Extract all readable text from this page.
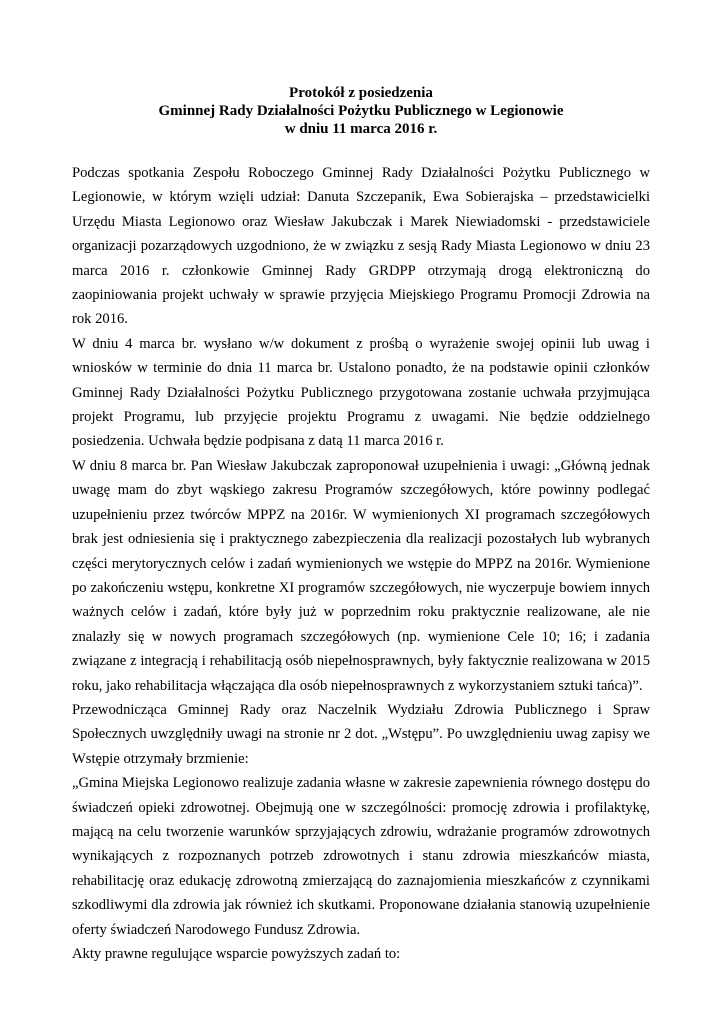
Protokół z posiedzenia
Gminnej Rady Działalności Pożytku Publicznego w Legionowie
w dniu 11 marca 2016 r.

Podczas spotkania Zespołu Roboczego Gminnej Rady Działalności Pożytku Publicznego w Legionowie, w którym wzięli udział: Danuta Szczepanik, Ewa Sobierajska – przedstawicielki Urzędu Miasta Legionowo oraz Wiesław Jakubczak i Marek Niewiadomski - przedstawiciele organizacji pozarządowych uzgodniono, że w związku z sesją Rady Miasta Legionowo w dniu 23 marca 2016 r. członkowie Gminnej Rady GRDPP otrzymają drogą elektroniczną do zaopiniowania projekt uchwały w sprawie przyjęcia Miejskiego Programu Promocji Zdrowia na rok 2016.

W dniu 4 marca br. wysłano w/w dokument z prośbą o wyrażenie swojej opinii lub uwag i wniosków w terminie do dnia 11 marca br. Ustalono ponadto, że na podstawie opinii członków Gminnej Rady Działalności Pożytku Publicznego przygotowana zostanie uchwała przyjmująca projekt Programu, lub przyjęcie projektu Programu z uwagami. Nie będzie oddzielnego posiedzenia. Uchwała będzie podpisana z datą 11 marca 2016 r.

W dniu 8 marca br. Pan Wiesław Jakubczak zaproponował uzupełnienia i uwagi: „Główną jednak uwagę mam do zbyt wąskiego zakresu Programów szczegółowych, które powinny podlegać uzupełnieniu przez twórców MPPZ na 2016r. W wymienionych XI programach szczegółowych brak jest odniesienia się i praktycznego zabezpieczenia dla realizacji pozostałych lub wybranych części merytorycznych celów i zadań wymienionych we wstępie do MPPZ na 2016r. Wymienione po zakończeniu wstępu, konkretne XI programów szczegółowych, nie wyczerpuje bowiem innych ważnych celów i zadań, które były już w poprzednim roku praktycznie realizowane, ale nie znalazły się w nowych programach szczegółowych (np. wymienione Cele 10; 16; i zadania związane z integracją i rehabilitacją osób niepełnosprawnych, były faktycznie realizowana w 2015 roku, jako rehabilitacja włączająca dla osób niepełnosprawnych z wykorzystaniem sztuki tańca)”.

Przewodnicząca Gminnej Rady oraz Naczelnik Wydziału Zdrowia Publicznego i Spraw Społecznych uwzględniły uwagi na stronie nr 2 dot. „Wstępu”. Po uwzględnieniu uwag zapisy we Wstępie otrzymały brzmienie:

„Gmina Miejska Legionowo realizuje zadania własne w zakresie zapewnienia równego dostępu do świadczeń opieki zdrowotnej. Obejmują one w szczególności: promocję zdrowia i profilaktykę, mającą na celu tworzenie warunków sprzyjających zdrowiu, wdrażanie programów zdrowotnych wynikających z rozpoznanych potrzeb zdrowotnych i stanu zdrowia mieszkańców miasta, rehabilitację oraz edukację zdrowotną zmierzającą do zaznajomienia mieszkańców z czynnikami szkodliwymi dla zdrowia jak również ich skutkami. Proponowane działania stanowią uzupełnienie oferty świadczeń Narodowego Fundusz Zdrowia.

Akty prawne regulujące wsparcie powyższych zadań to:
